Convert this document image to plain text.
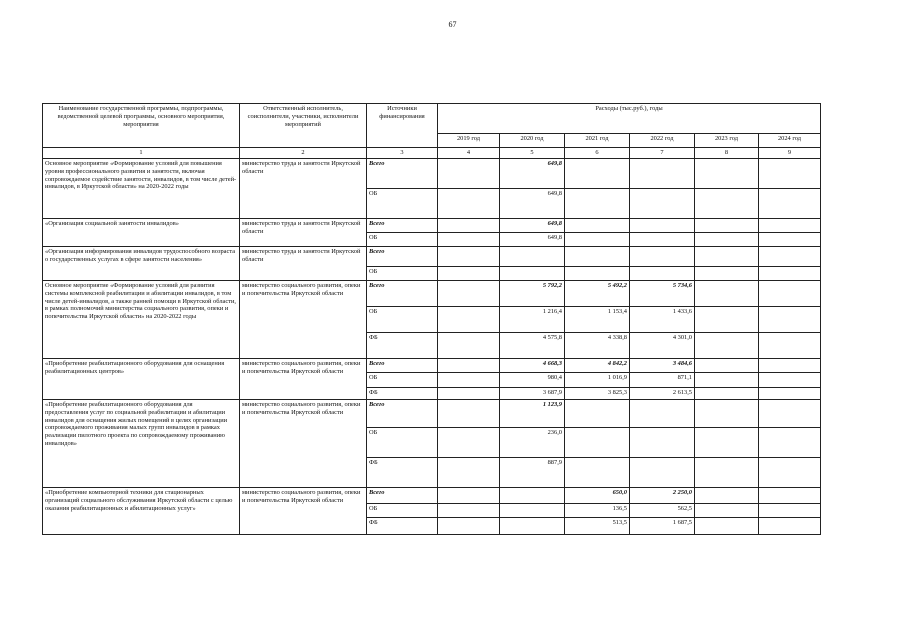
67
Наименование государственной программы, подпрограммы, ведомственной целевой программы, основного мероприятия, мероприятия	Ответственный исполнитель, соисполнители, участники, исполнители мероприятий	Источники финансирования	Расходы (тыс.руб.), годы					
			2019 год	2020 год	2021 год	2022 год	2023 год	2024 год
1	2	3	4	5	6	7	8	9
Основное мероприятие «Формирование условий для повышения уровня профессионального развития и занятости, включая сопровождаемое содействие занятости, инвалидов, в том числе детей-инвалидов, в Иркутской области» на 2020-2022 годы	министерство труда и занятости Иркутской области	Всего		649,8				
		ОБ		649,8				
«Организация социальной занятости инвалидов»	министерство труда и занятости Иркутской области	Всего		649,8				
		ОБ		649,8				
«Организация информирования инвалидов трудоспособного возраста о государственных услугах в сфере занятости населения»	министерство труда и занятости Иркутской области	Всего						
		ОБ						
Основное мероприятие «Формирование условий для развития системы комплексной реабилитации и абилитации инвалидов, в том числе детей-инвалидов, а также ранней помощи в Иркутской области, в рамках полномочий министерства социального развития, опеки и попечительства Иркутской области» на 2020-2022 годы	министерство социального развития, опеки и попечительства Иркутской области	Всего		5 792,2	5 492,2	5 734,6		
		ОБ		1 216,4	1 153,4	1 433,6		
		ФБ		4 575,8	4 338,8	4 301,0		
«Приобретение реабилитационного оборудования для оснащения реабилитационных центров»	министерство социального развития, опеки и попечительства Иркутской области	Всего		4 668,3	4 842,2	3 484,6		
		ОБ		980,4	1 016,9	871,1		
		ФБ		3 687,9	3 825,3	2 613,5		
«Приобретение реабилитационного оборудования для предоставления услуг по социальной реабилитации и абилитации инвалидов для оснащения жилых помещений в целях организации сопровождаемого проживания малых групп инвалидов в рамках реализации пилотного проекта по сопровождаемому проживанию инвалидов»	министерство социального развития, опеки и попечительства Иркутской области	Всего		1 123,9				
		ОБ		236,0				
		ФБ		887,9				
«Приобретение компьютерной техники для стационарных организаций социального обслуживания Иркутской области с целью оказания реабилитационных и абилитационных услуг»	министерство социального развития, опеки и попечительства Иркутской области	Всего			650,0	2 250,0		
		ОБ			136,5	562,5		
		ФБ			513,5	1 687,5		
